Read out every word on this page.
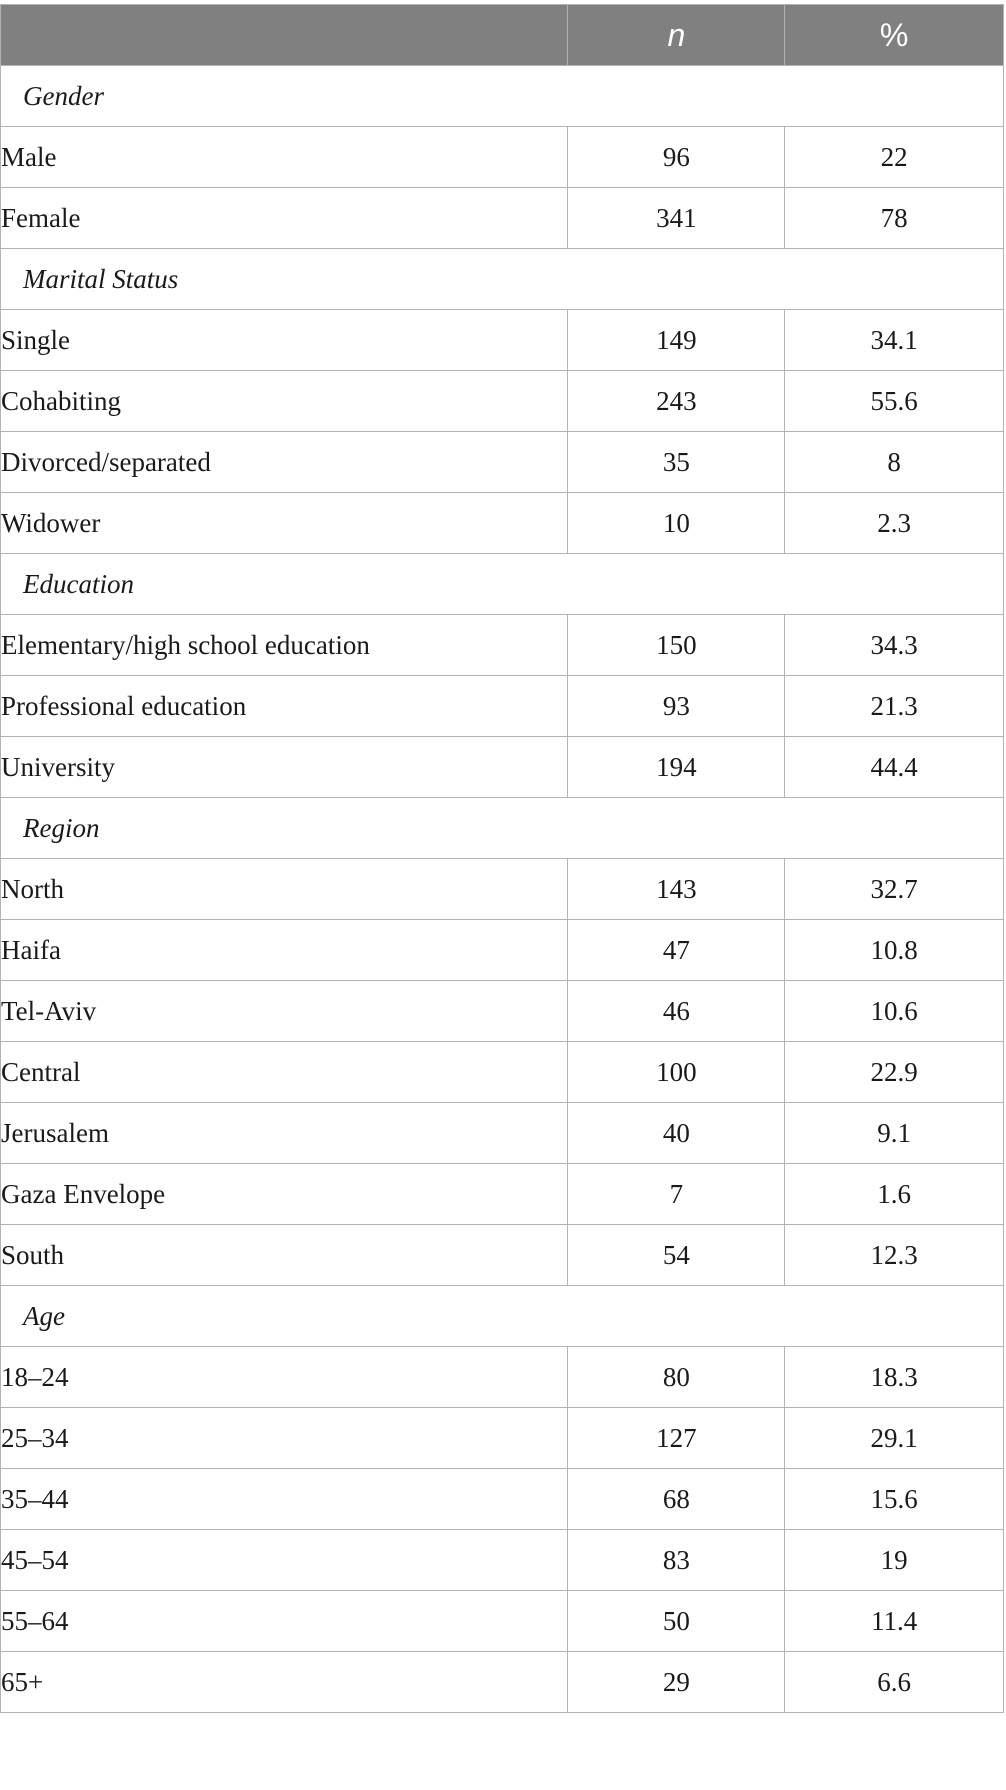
	n	%
Gender		
Male	96	22
Female	341	78
Marital Status		
Single	149	34.1
Cohabiting	243	55.6
Divorced/separated	35	8
Widower	10	2.3
Education		
Elementary/high school education	150	34.3
Professional education	93	21.3
University	194	44.4
Region		
North	143	32.7
Haifa	47	10.8
Tel-Aviv	46	10.6
Central	100	22.9
Jerusalem	40	9.1
Gaza Envelope	7	1.6
South	54	12.3
Age		
18–24	80	18.3
25–34	127	29.1
35–44	68	15.6
45–54	83	19
55–64	50	11.4
65+	29	6.6
